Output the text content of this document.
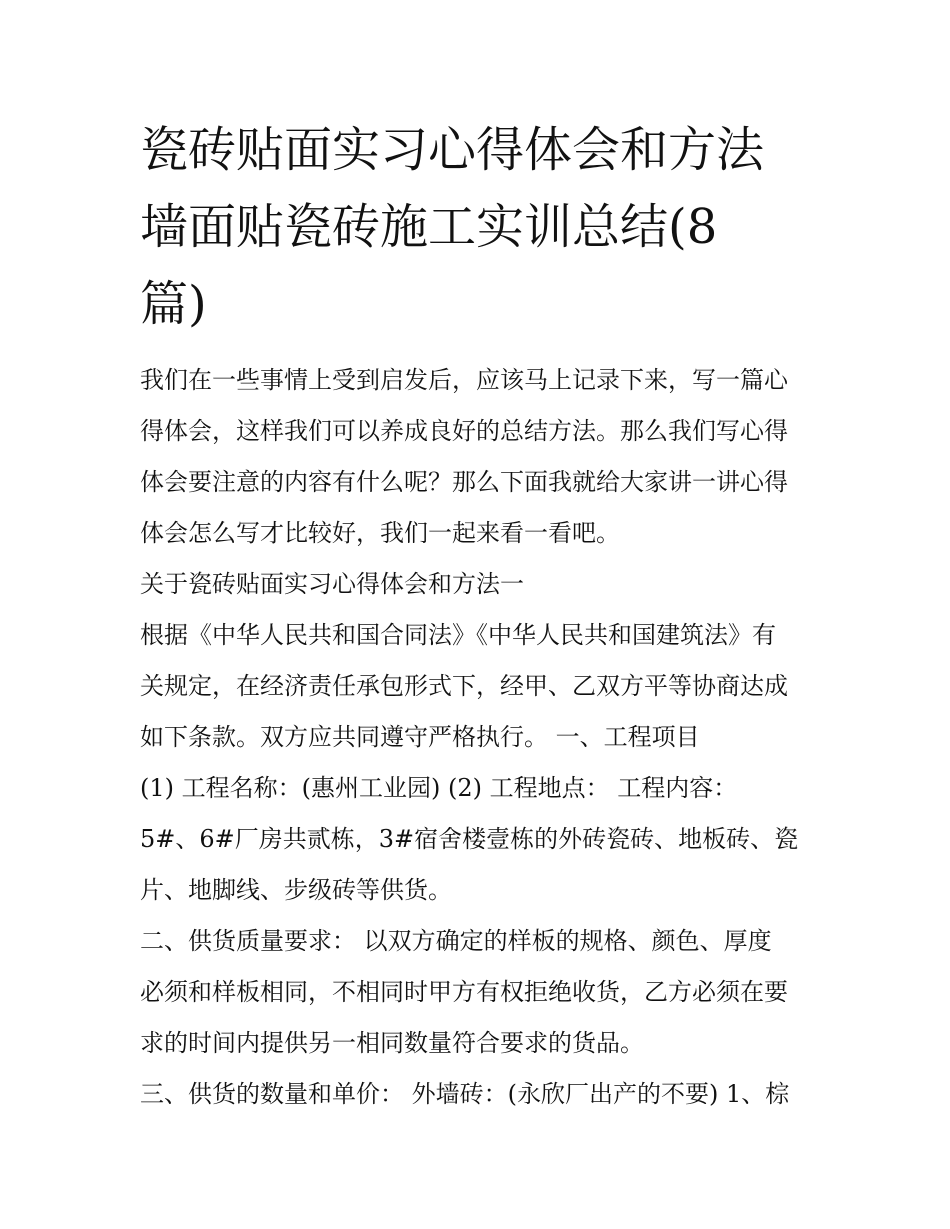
瓷砖贴面实习心得体会和方法
墙面贴瓷砖施工实训总结(8
篇)
我们在一些事情上受到启发后，应该马上记录下来，写一篇心
得体会，这样我们可以养成良好的总结方法。那么我们写心得
体会要注意的内容有什么呢？那么下面我就给大家讲一讲心得
体会怎么写才比较好，我们一起来看一看吧。
关于瓷砖贴面实习心得体会和方法一
根据《中华人民共和国合同法》《中华人民共和国建筑法》有
关规定，在经济责任承包形式下，经甲、乙双方平等协商达成
如下条款。双方应共同遵守严格执行。 一、工程项目
(1) 工程名称：(惠州工业园) (2) 工程地点： 工程内容：
5#、6#厂房共贰栋，3#宿舍楼壹栋的外砖瓷砖、地板砖、瓷
片、地脚线、步级砖等供货。
二、供货质量要求： 以双方确定的样板的规格、颜色、厚度
必须和样板相同，不相同时甲方有权拒绝收货，乙方必须在要
求的时间内提供另一相同数量符合要求的货品。
三、供货的数量和单价： 外墙砖：(永欣厂出产的不要) 1、棕
